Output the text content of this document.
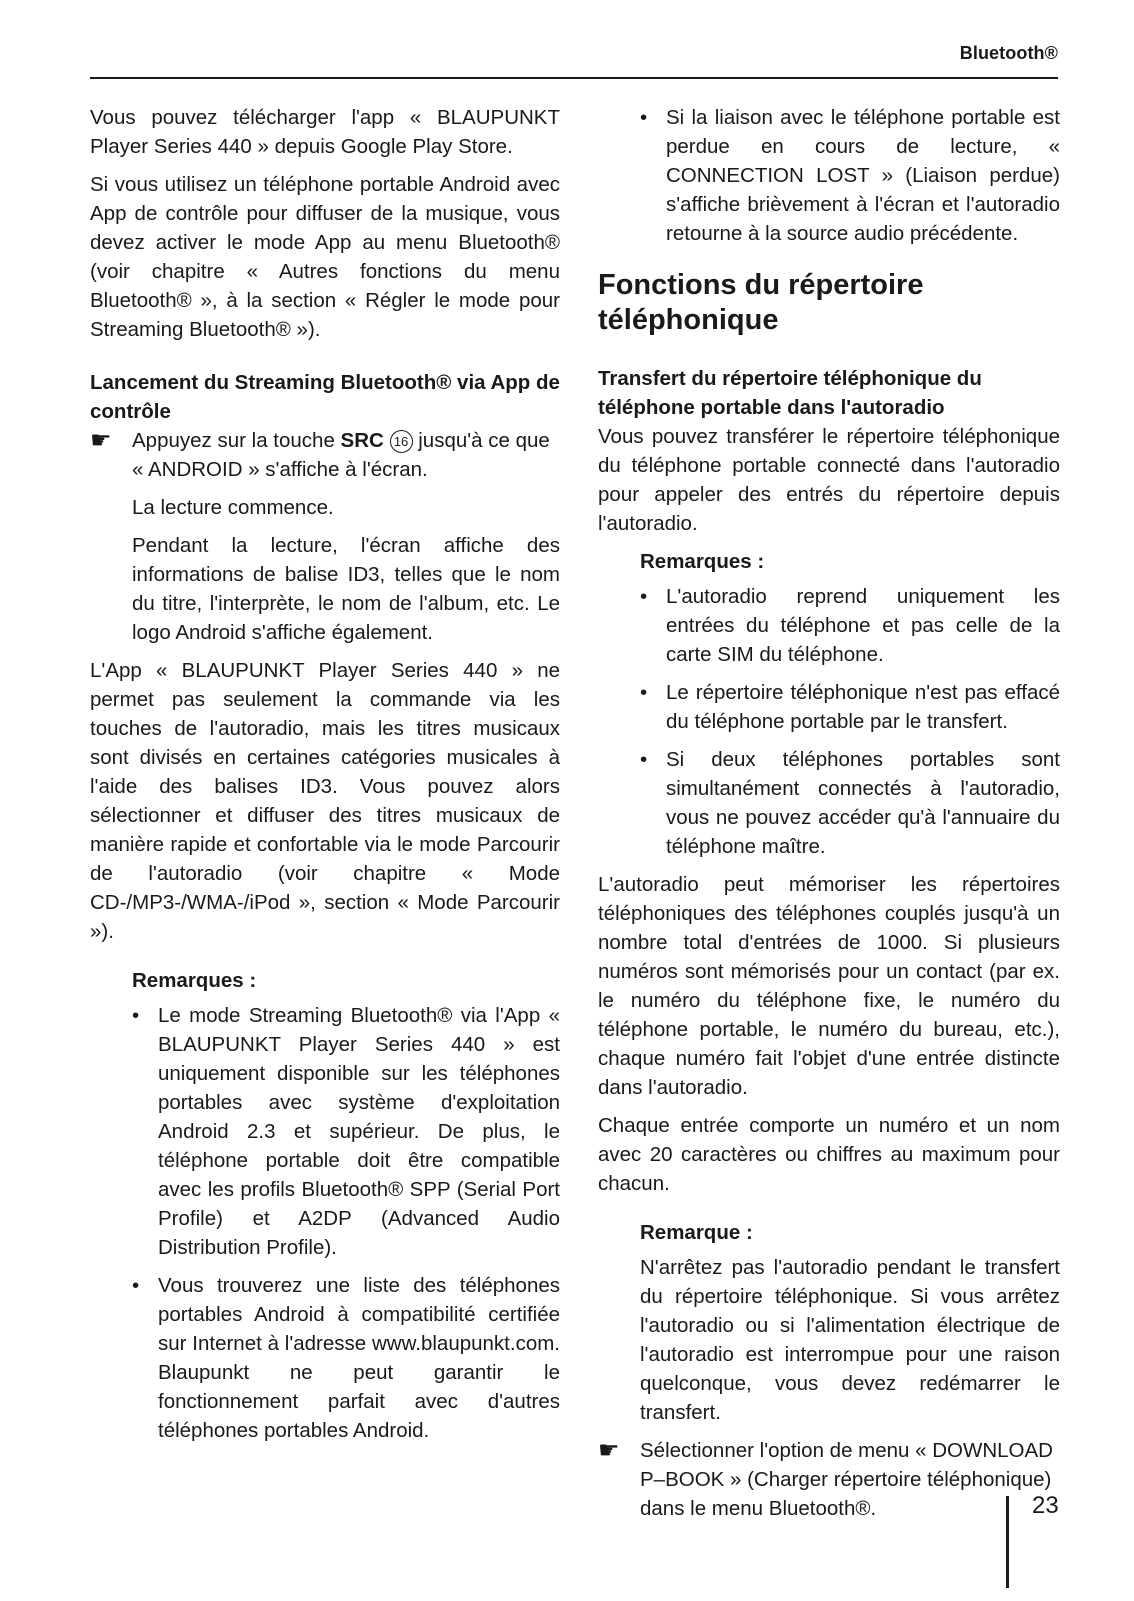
Bluetooth®

Vous pouvez télécharger l'app « BLAUPUNKT Player Series 440 » depuis Google Play Store.

Si vous utilisez un téléphone portable Android avec App de contrôle pour diffuser de la musique, vous devez activer le mode App au menu Bluetooth® (voir chapitre « Autres fonctions du menu Bluetooth® », à la section « Régler le mode pour Streaming Bluetooth® »).

Lancement du Streaming Bluetooth® via App de contrôle
☛ Appuyez sur la touche SRC 16 jusqu'à ce que « ANDROID » s'affiche à l'écran.

La lecture commence.

Pendant la lecture, l'écran affiche des informations de balise ID3, telles que le nom du titre, l'interprète, le nom de l'album, etc. Le logo Android s'affiche également.

L'App « BLAUPUNKT Player Series 440 » ne permet pas seulement la commande via les touches de l'autoradio, mais les titres musicaux sont divisés en certaines catégories musicales à l'aide des balises ID3. Vous pouvez alors sélectionner et diffuser des titres musicaux de manière rapide et confortable via le mode Parcourir de l'autoradio (voir chapitre « Mode CD-/MP3-/WMA-/iPod », section « Mode Parcourir »).

Remarques :
• Le mode Streaming Bluetooth® via l'App « BLAUPUNKT Player Series 440 » est uniquement disponible sur les téléphones portables avec système d'exploitation Android 2.3 et supérieur. De plus, le téléphone portable doit être compatible avec les profils Bluetooth® SPP (Serial Port Profile) et A2DP (Advanced Audio Distribution Profile).
• Vous trouverez une liste des téléphones portables Android à compatibilité certifiée sur Internet à l'adresse www.blaupunkt.com. Blaupunkt ne peut garantir le fonctionnement parfait avec d'autres téléphones portables Android.
• Si la liaison avec le téléphone portable est perdue en cours de lecture, « CONNECTION LOST » (Liaison perdue) s'affiche brièvement à l'écran et l'autoradio retourne à la source audio précédente.
Fonctions du répertoire téléphonique
Transfert du répertoire téléphonique du téléphone portable dans l'autoradio

Vous pouvez transférer le répertoire téléphonique du téléphone portable connecté dans l'autoradio pour appeler des entrés du répertoire depuis l'autoradio.

Remarques :
• L'autoradio reprend uniquement les entrées du téléphone et pas celle de la carte SIM du téléphone.
• Le répertoire téléphonique n'est pas effacé du téléphone portable par le transfert.
• Si deux téléphones portables sont simultanément connectés à l'autoradio, vous ne pouvez accéder qu'à l'annuaire du téléphone maître.

L'autoradio peut mémoriser les répertoires téléphoniques des téléphones couplés jusqu'à un nombre total d'entrées de 1000. Si plusieurs numéros sont mémorisés pour un contact (par ex. le numéro du téléphone fixe, le numéro du téléphone portable, le numéro du bureau, etc.), chaque numéro fait l'objet d'une entrée distincte dans l'autoradio.

Chaque entrée comporte un numéro et un nom avec 20 caractères ou chiffres au maximum pour chacun.

Remarque :

N'arrêtez pas l'autoradio pendant le transfert du répertoire téléphonique. Si vous arrêtez l'autoradio ou si l'alimentation électrique de l'autoradio est interrompue pour une raison quelconque, vous devez redémarrer le transfert.

☛ Sélectionner l'option de menu « DOWNLOAD P–BOOK » (Charger répertoire téléphonique) dans le menu Bluetooth®.	23
